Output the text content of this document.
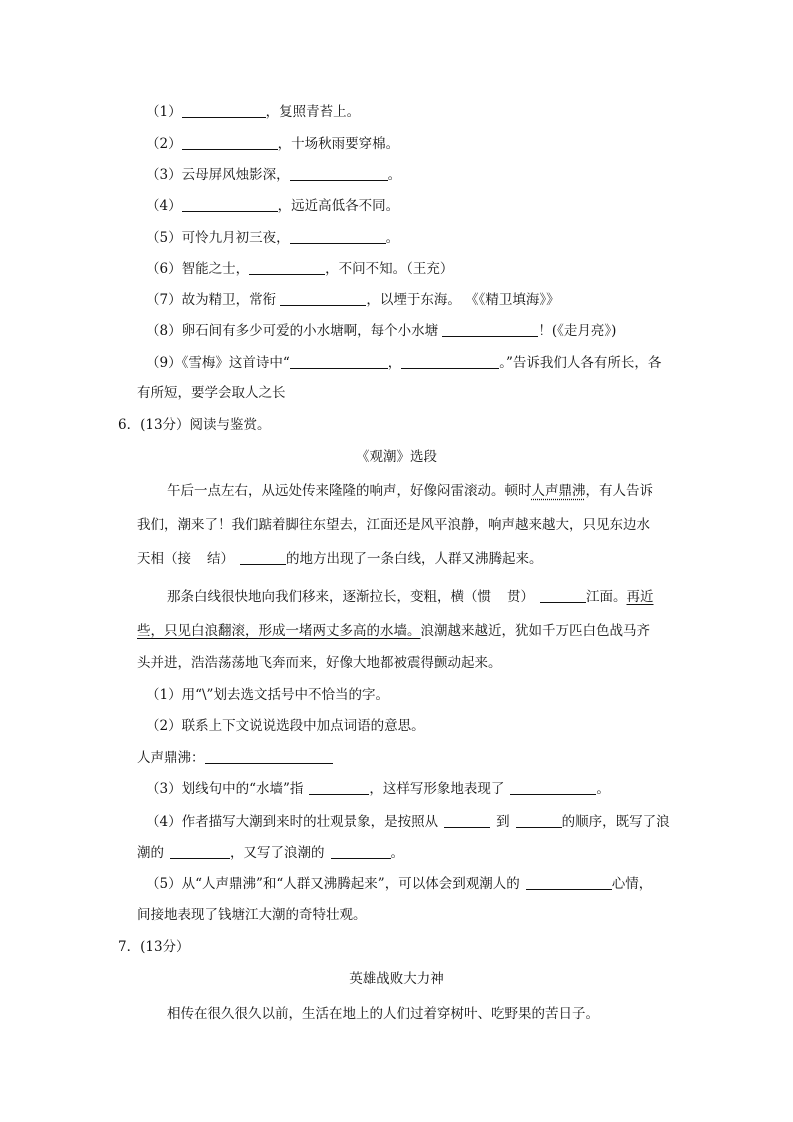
（1）	，复照青苔上。
（2）	，十场秋雨要穿棉。
（3）云母屏风烛影深，	。
（4）	，远近高低各不同。
（5）可怜九月初三夜，	。
（6）智能之士，	，不问不知。（王充）
（7）故为精卫，常衔	，以堙于东海。 《《精卫填海》》
（8）卵石间有多少可爱的小水塘啊，每个小水塘	！(《走月亮》)
（9）《雪梅》这首诗中“	，	。”告诉我们人各有所长，各
有所短，要学会取人之长
6．(13分）阅读与鉴赏。
《观潮》选段
午后一点左右，从远处传来隆隆的响声，好像闷雷滚动。顿时人声鼎沸，有人告诉
我们，潮来了！我们踮着脚往东望去，江面还是风平浪静，响声越来越大，只见东边水
天相（接 结）	的地方出现了一条白线，人群又沸腾起来。
那条白线很快地向我们移来，逐渐拉长，变粗，横（惯 贯）	江面。再近
些，只见白浪翻滚，形成一堵两丈多高的水墙。浪潮越来越近，犹如千万匹白色战马齐
头并进，浩浩荡荡地飞奔而来，好像大地都被震得颤动起来。
（1）用“\”划去选文括号中不恰当的字。
（2）联系上下文说说选段中加点词语的意思。
人声鼎沸：
（3）划线句中的“水墙”指	，这样写形象地表现了	。
（4）作者描写大潮到来时的壮观景象，是按照从	到	的顺序，既写了浪
潮的	，又写了浪潮的	。
（5）从“人声鼎沸”和“人群又沸腾起来”，可以体会到观潮人的	心情，
间接地表现了钱塘江大潮的奇特壮观。
7．(13分）
英雄战败大力神
相传在很久很久以前，生活在地上的人们过着穿树叶、吃野果的苦日子。
